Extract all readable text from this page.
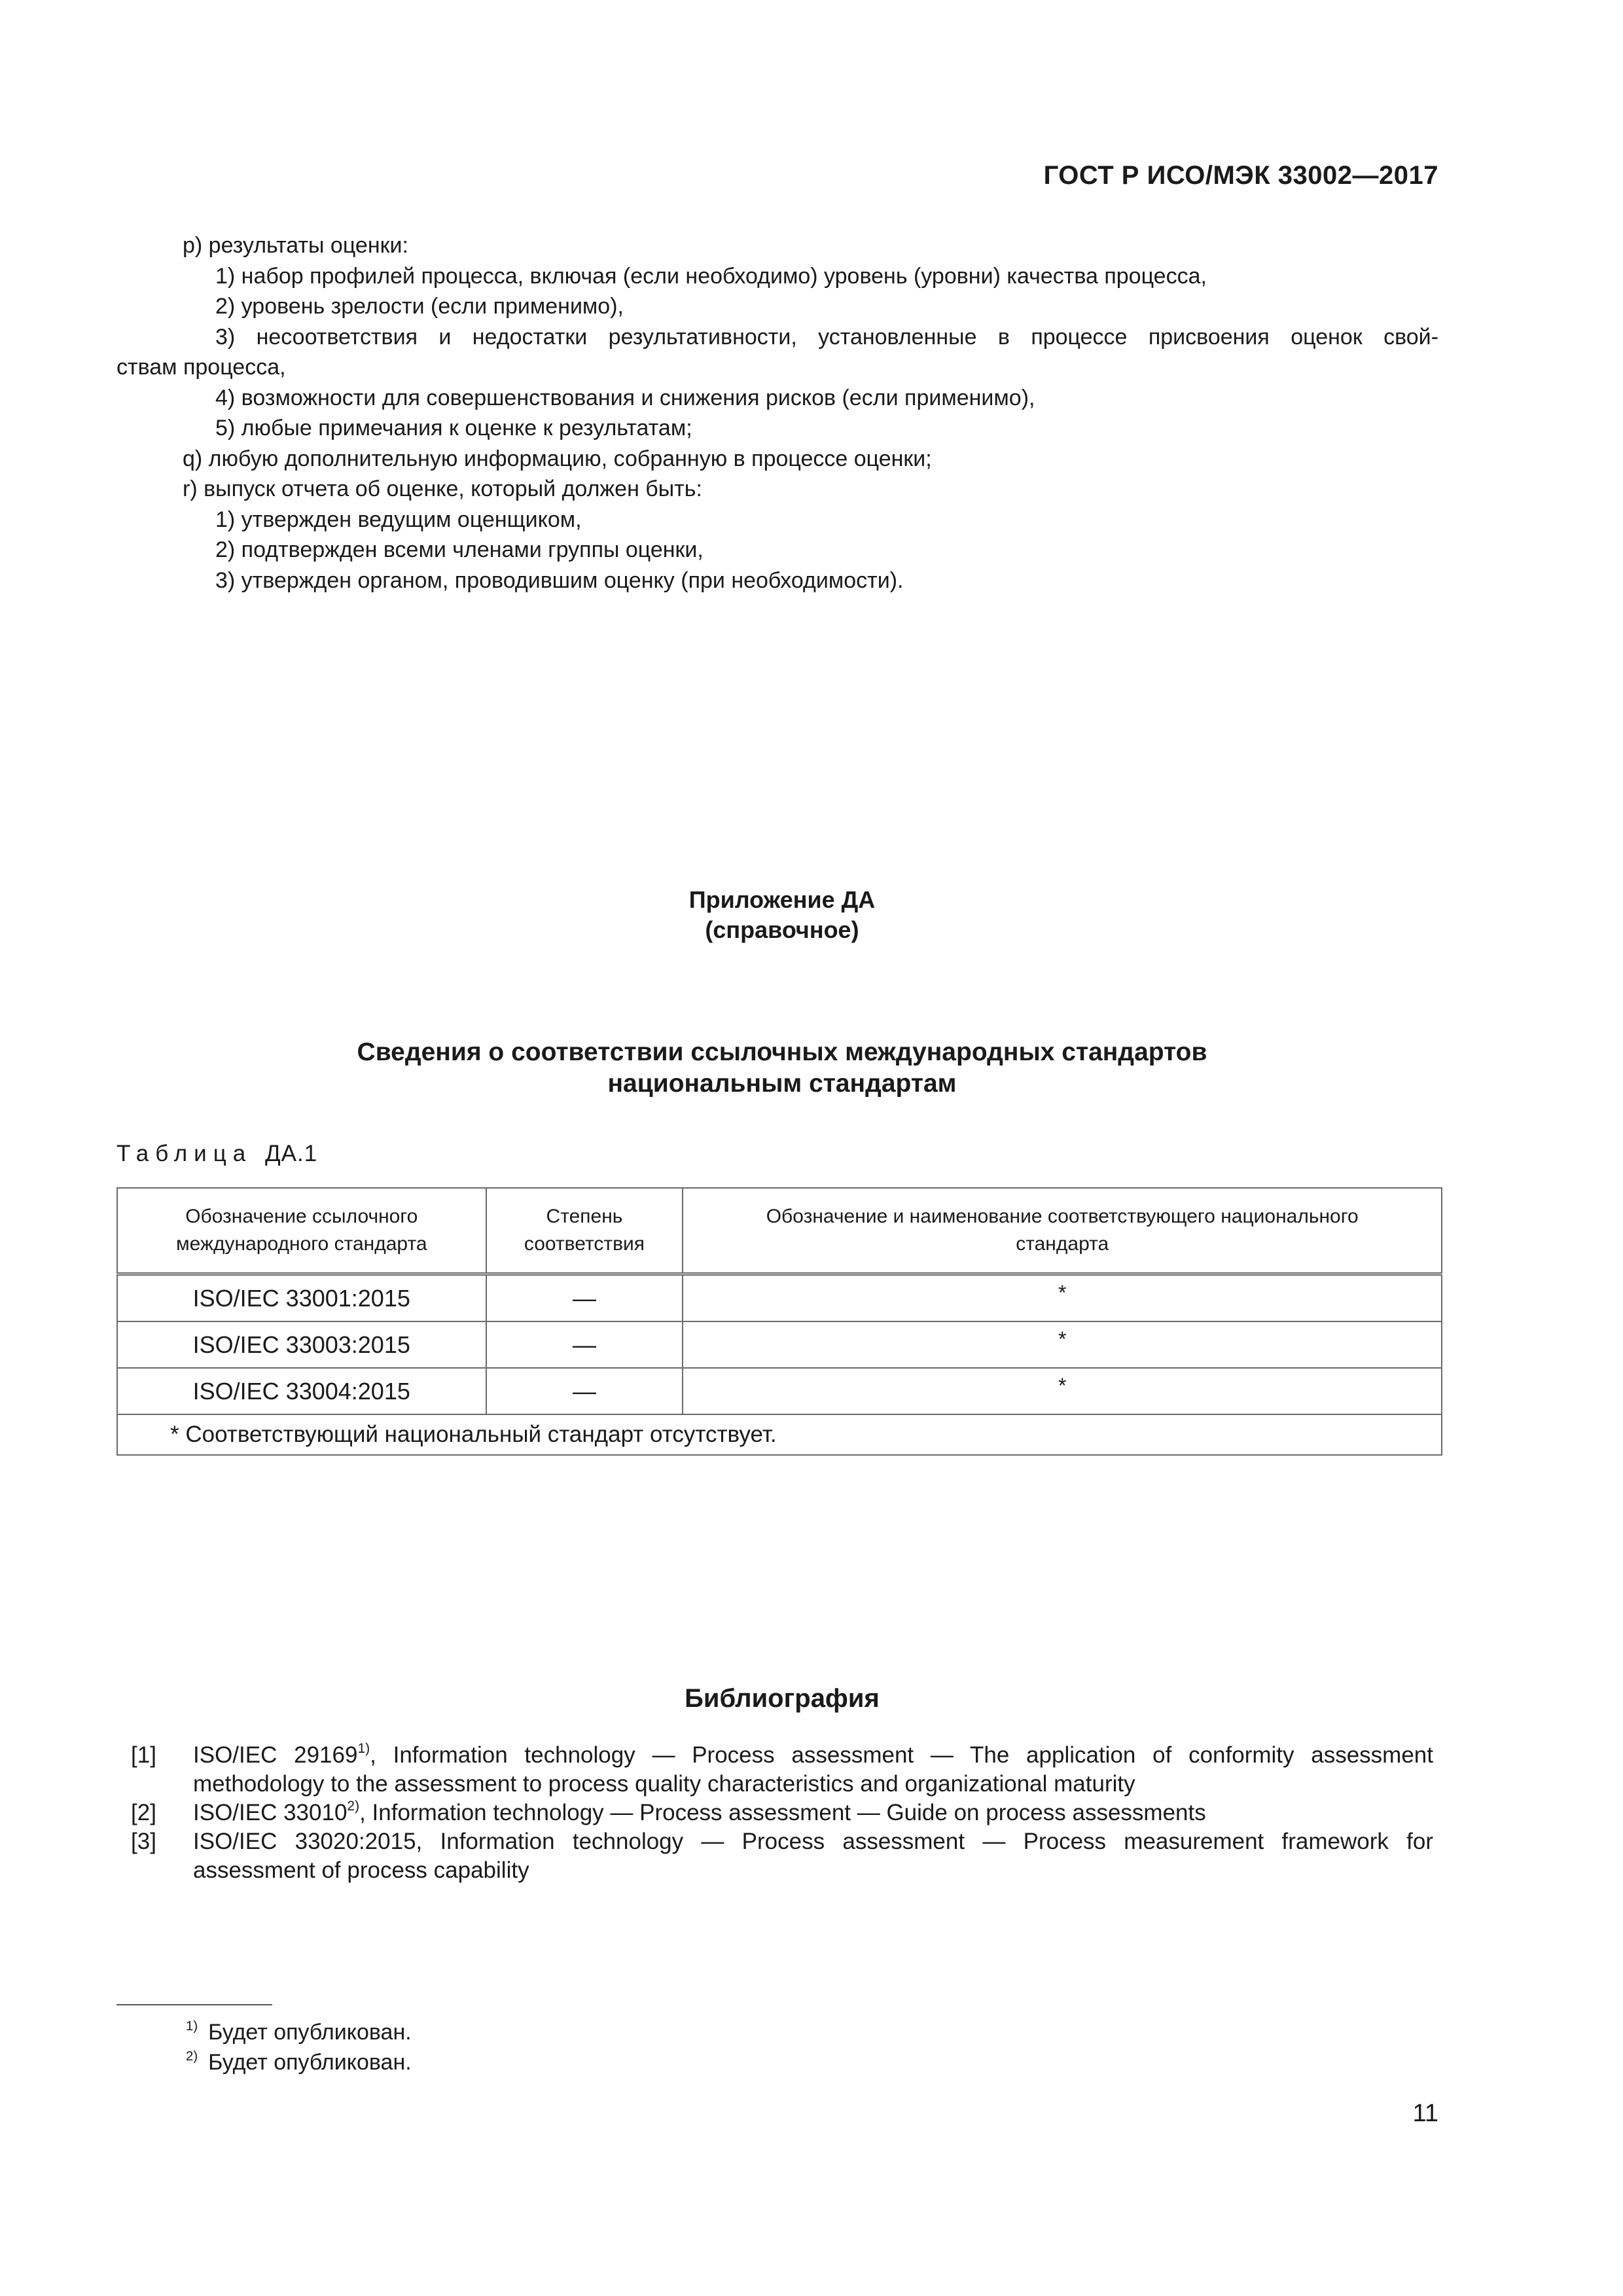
ГОСТ Р ИСО/МЭК 33002—2017
p) результаты оценки:
1) набор профилей процесса, включая (если необходимо) уровень (уровни) качества процесса,
2) уровень зрелости (если применимо),
3) несоответствия и недостатки результативности, установленные в процессе присвоения оценок свой-
ствам процесса,
4) возможности для совершенствования и снижения рисков (если применимо),
5) любые примечания к оценке к результатам;
q) любую дополнительную информацию, собранную в процессе оценки;
r) выпуск отчета об оценке, который должен быть:
1) утвержден ведущим оценщиком,
2) подтвержден всеми членами группы оценки,
3) утвержден органом, проводившим оценку (при необходимости).
Приложение ДА
(справочное)
Сведения о соответствии ссылочных международных стандартов
национальным стандартам
Таблица ДА.1
Обозначение ссылочного международного стандарта	Степень соответствия	Обозначение и наименование соответствующего национального стандарта

ISO/IEC 33001:2015	—	*
ISO/IEC 33003:2015	—	*
ISO/IEC 33004:2015	—	*
* Соответствующий национальный стандарт отсутствует.		
Библиография
[1] ISO/IEC 29169$^{1)}$, Information technology — Process assessment — The application of conformity assessment methodology to the assessment to process quality characteristics and organizational maturity
[2] ISO/IEC 33010$^{2)}$, Information technology — Process assessment — Guide on process assessments
[3] ISO/IEC 33020:2015, Information technology — Process assessment — Process measurement framework for assessment of process capability
$^{1)}$ Будет опубликован.
$^{2)}$ Будет опубликован.
11
